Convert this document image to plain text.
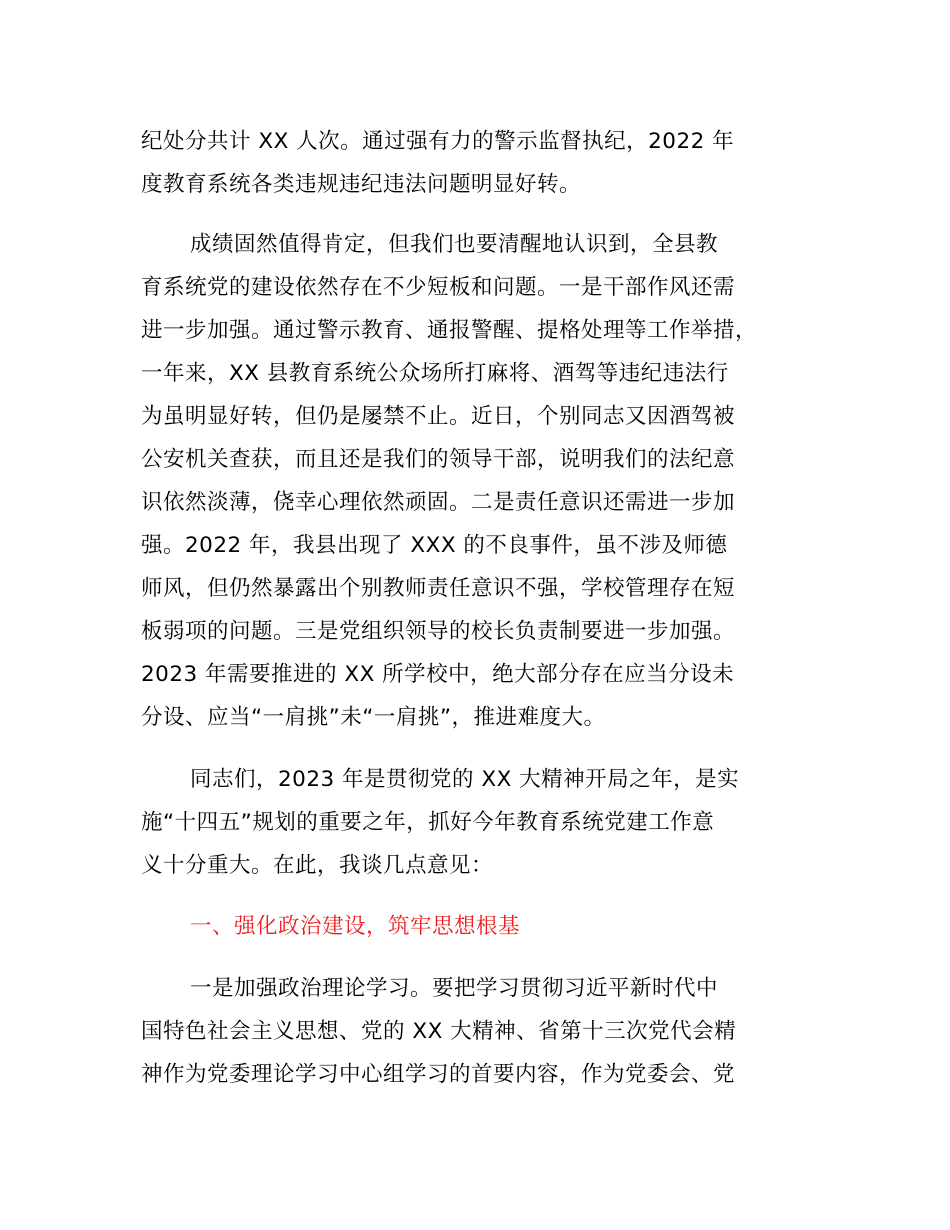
纪处分共计 XX 人次。通过强有力的警示监督执纪，2022 年
度教育系统各类违规违纪违法问题明显好转。
成绩固然值得肯定，但我们也要清醒地认识到，全县教
育系统党的建设依然存在不少短板和问题。一是干部作风还需
进一步加强。通过警示教育、通报警醒、提格处理等工作举措，
一年来，XX 县教育系统公众场所打麻将、酒驾等违纪违法行
为虽明显好转，但仍是屡禁不止。近日，个别同志又因酒驾被
公安机关查获，而且还是我们的领导干部，说明我们的法纪意
识依然淡薄，侥幸心理依然顽固。二是责任意识还需进一步加
强。2022 年，我县出现了 XXX 的不良事件，虽不涉及师德
师风，但仍然暴露出个别教师责任意识不强，学校管理存在短
板弱项的问题。三是党组织领导的校长负责制要进一步加强。
2023 年需要推进的 XX 所学校中，绝大部分存在应当分设未
分设、应当“一肩挑”未“一肩挑”，推进难度大。
同志们，2023 年是贯彻党的 XX 大精神开局之年，是实
施“十四五”规划的重要之年，抓好今年教育系统党建工作意
义十分重大。在此，我谈几点意见：
一、强化政治建设，筑牢思想根基
一是加强政治理论学习。要把学习贯彻习近平新时代中
国特色社会主义思想、党的 XX 大精神、省第十三次党代会精
神作为党委理论学习中心组学习的首要内容，作为党委会、党
